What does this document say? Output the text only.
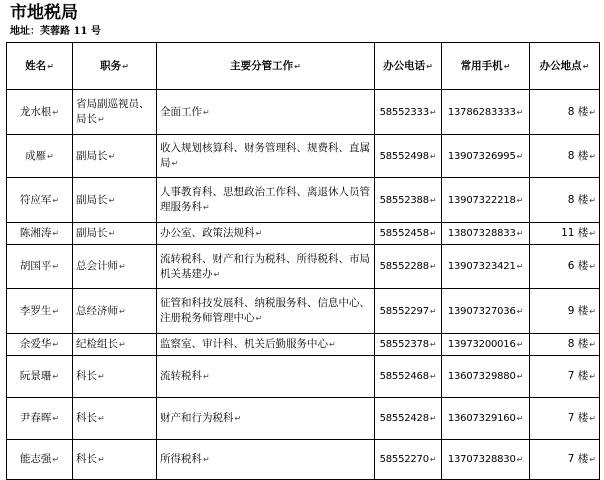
市地税局
地址：芙蓉路 11 号
姓名↵	职务↵	主要分管工作↵	办公电话↵	常用手机↵	办公地点↵
龙水根↵	省局副巡视员、局长↵	全面工作↵	58552333↵	13786283333↵	8 楼↵
成雁↵	副局长↵	收入规划核算科、财务管理科、规费科、直属局↵	58552498↵	13907326995↵	8 楼↵
符应军↵	副局长↵	人事教育科、思想政治工作科、离退休人员管理服务科↵	58552388↵	13907322218↵	8 楼↵
陈湘涛↵	副局长↵	办公室、政策法规科↵	58552458↵	13807328833↵	11 楼↵
胡国平↵	总会计师↵	流转税科、财产和行为税科、所得税科、市局机关基建办↵	58552288↵	13907323421↵	6 楼↵
李罗生↵	总经济师↵	征管和科技发展科、纳税服务科、信息中心、注册税务师管理中心↵	58552297↵	13907327036↵	9 楼↵
余爱华↵	纪检组长↵	监察室、审计科、机关后勤服务中心↵	58552378↵	13973200016↵	8 楼↵
阮景珊↵	科长↵	流转税科↵	58552468↵	13607329880↵	7 楼↵
尹春晖↵	科长↵	财产和行为税科↵	58552428↵	13607329160↵	7 楼↵
能志强↵	科长↵	所得税科↵	58552270↵	13707328830↵	7 楼↵
